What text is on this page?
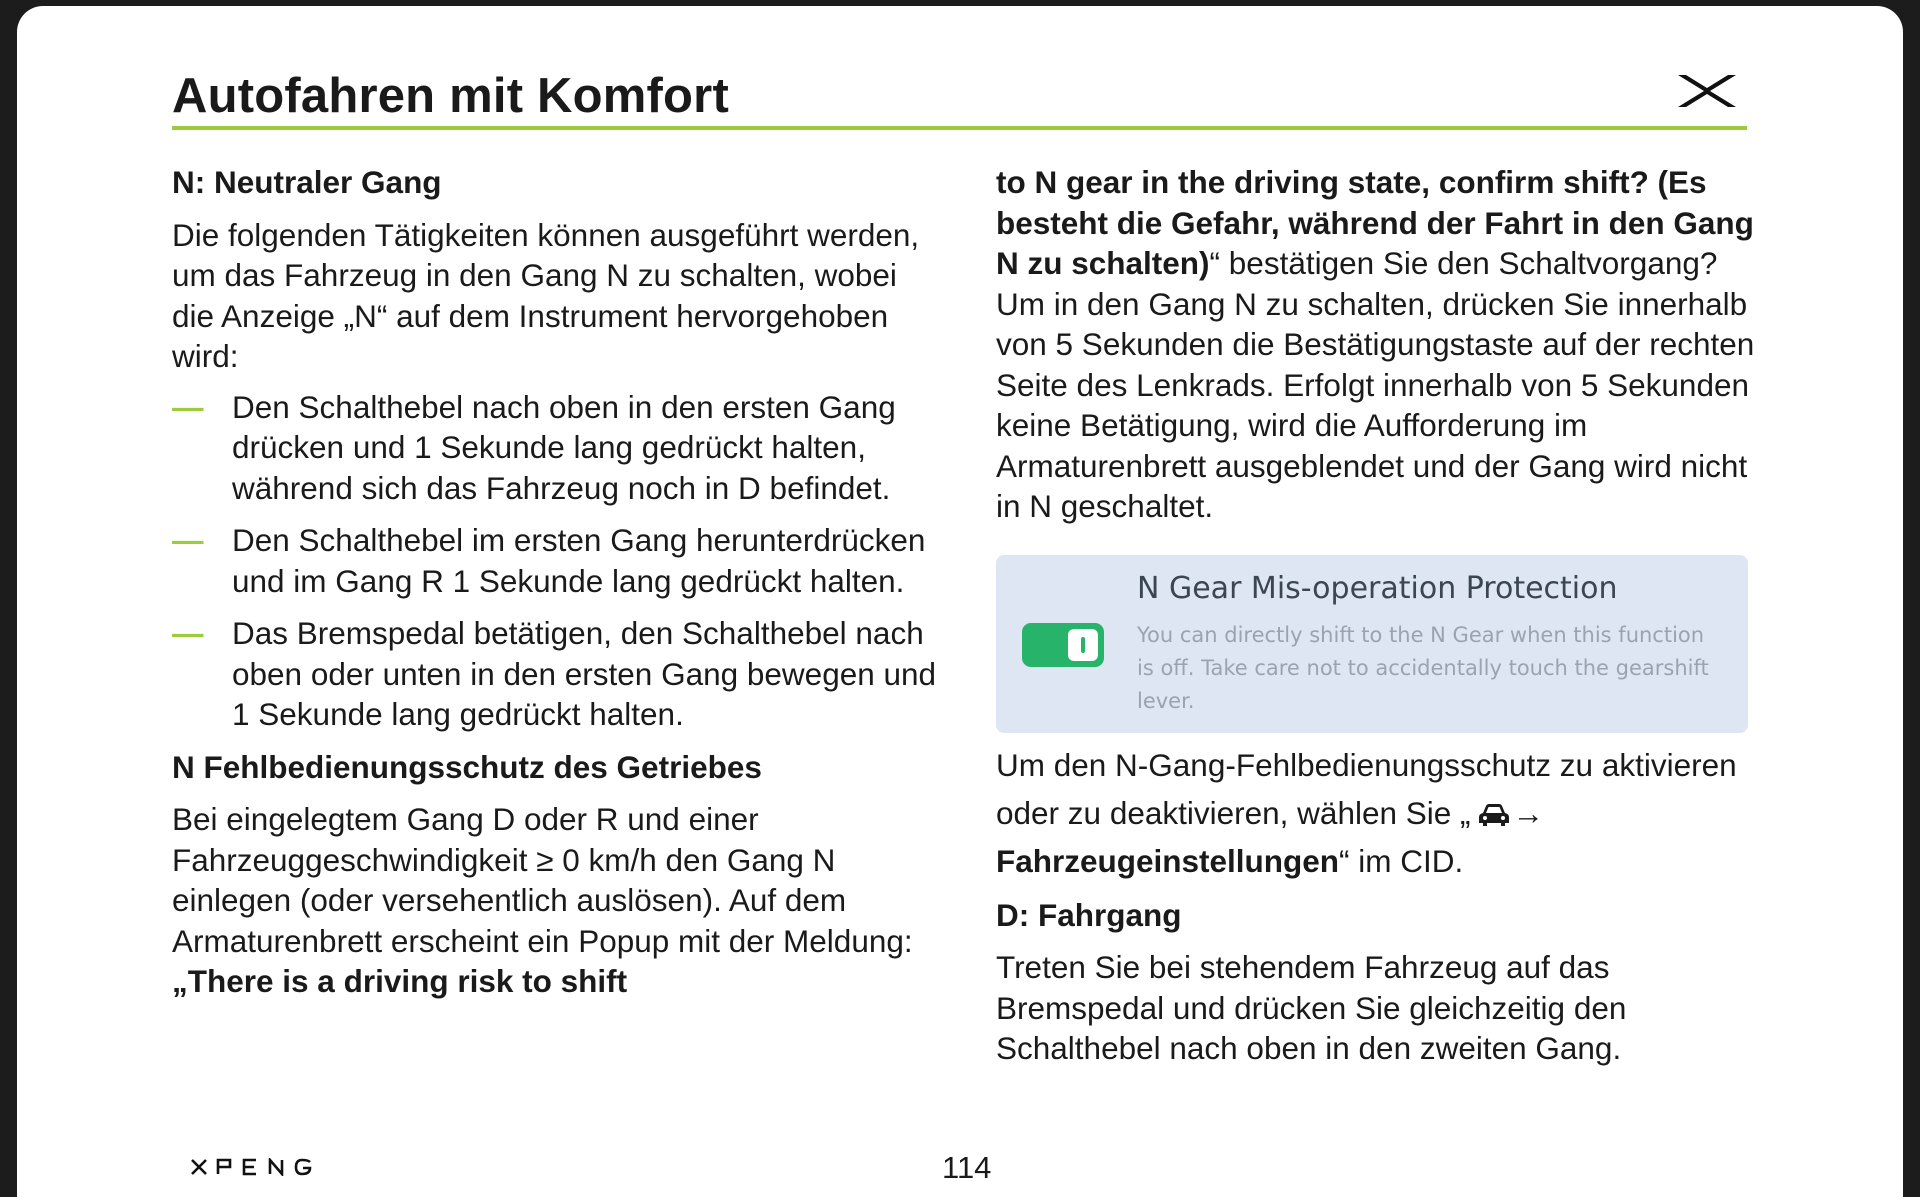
Autofahren mit Komfort
N: Neutraler Gang
Die folgenden Tätigkeiten können ausgeführt werden, um das Fahrzeug in den Gang N zu schalten, wobei die Anzeige „N“ auf dem Instrument hervorgehoben wird:
— Den Schalthebel nach oben in den ersten Gang drücken und 1 Sekunde lang gedrückt halten, während sich das Fahrzeug noch in D befindet.
— Den Schalthebel im ersten Gang herunterdrücken und im Gang R 1 Sekunde lang gedrückt halten.
— Das Bremspedal betätigen, den Schalthebel nach oben oder unten in den ersten Gang bewegen und 1 Sekunde lang gedrückt halten.
N Fehlbedienungsschutz des Getriebes
Bei eingelegtem Gang D oder R und einer Fahrzeuggeschwindigkeit ≥ 0 km/h den Gang N einlegen (oder versehentlich auslösen). Auf dem Armaturenbrett erscheint ein Popup mit der Meldung: „There is a driving risk to shift
to N gear in the driving state, confirm shift? (Es besteht die Gefahr, während der Fahrt in den Gang N zu schalten)“ bestätigen Sie den Schaltvorgang? Um in den Gang N zu schalten, drücken Sie innerhalb von 5 Sekunden die Bestätigungstaste auf der rechten Seite des Lenkrads. Erfolgt innerhalb von 5 Sekunden keine Betätigung, wird die Aufforderung im Armaturenbrett ausgeblendet und der Gang wird nicht in N geschaltet.
N Gear Mis-operation Protection
You can directly shift to the N Gear when this function is off. Take care not to accidentally touch the gearshift lever.
Um den N-Gang-Fehlbedienungsschutz zu aktivieren oder zu deaktivieren, wählen Sie „ →
Fahrzeugeinstellungen“ im CID.
D: Fahrgang
Treten Sie bei stehendem Fahrzeug auf das Bremspedal und drücken Sie gleichzeitig den Schalthebel nach oben in den zweiten Gang.
114
